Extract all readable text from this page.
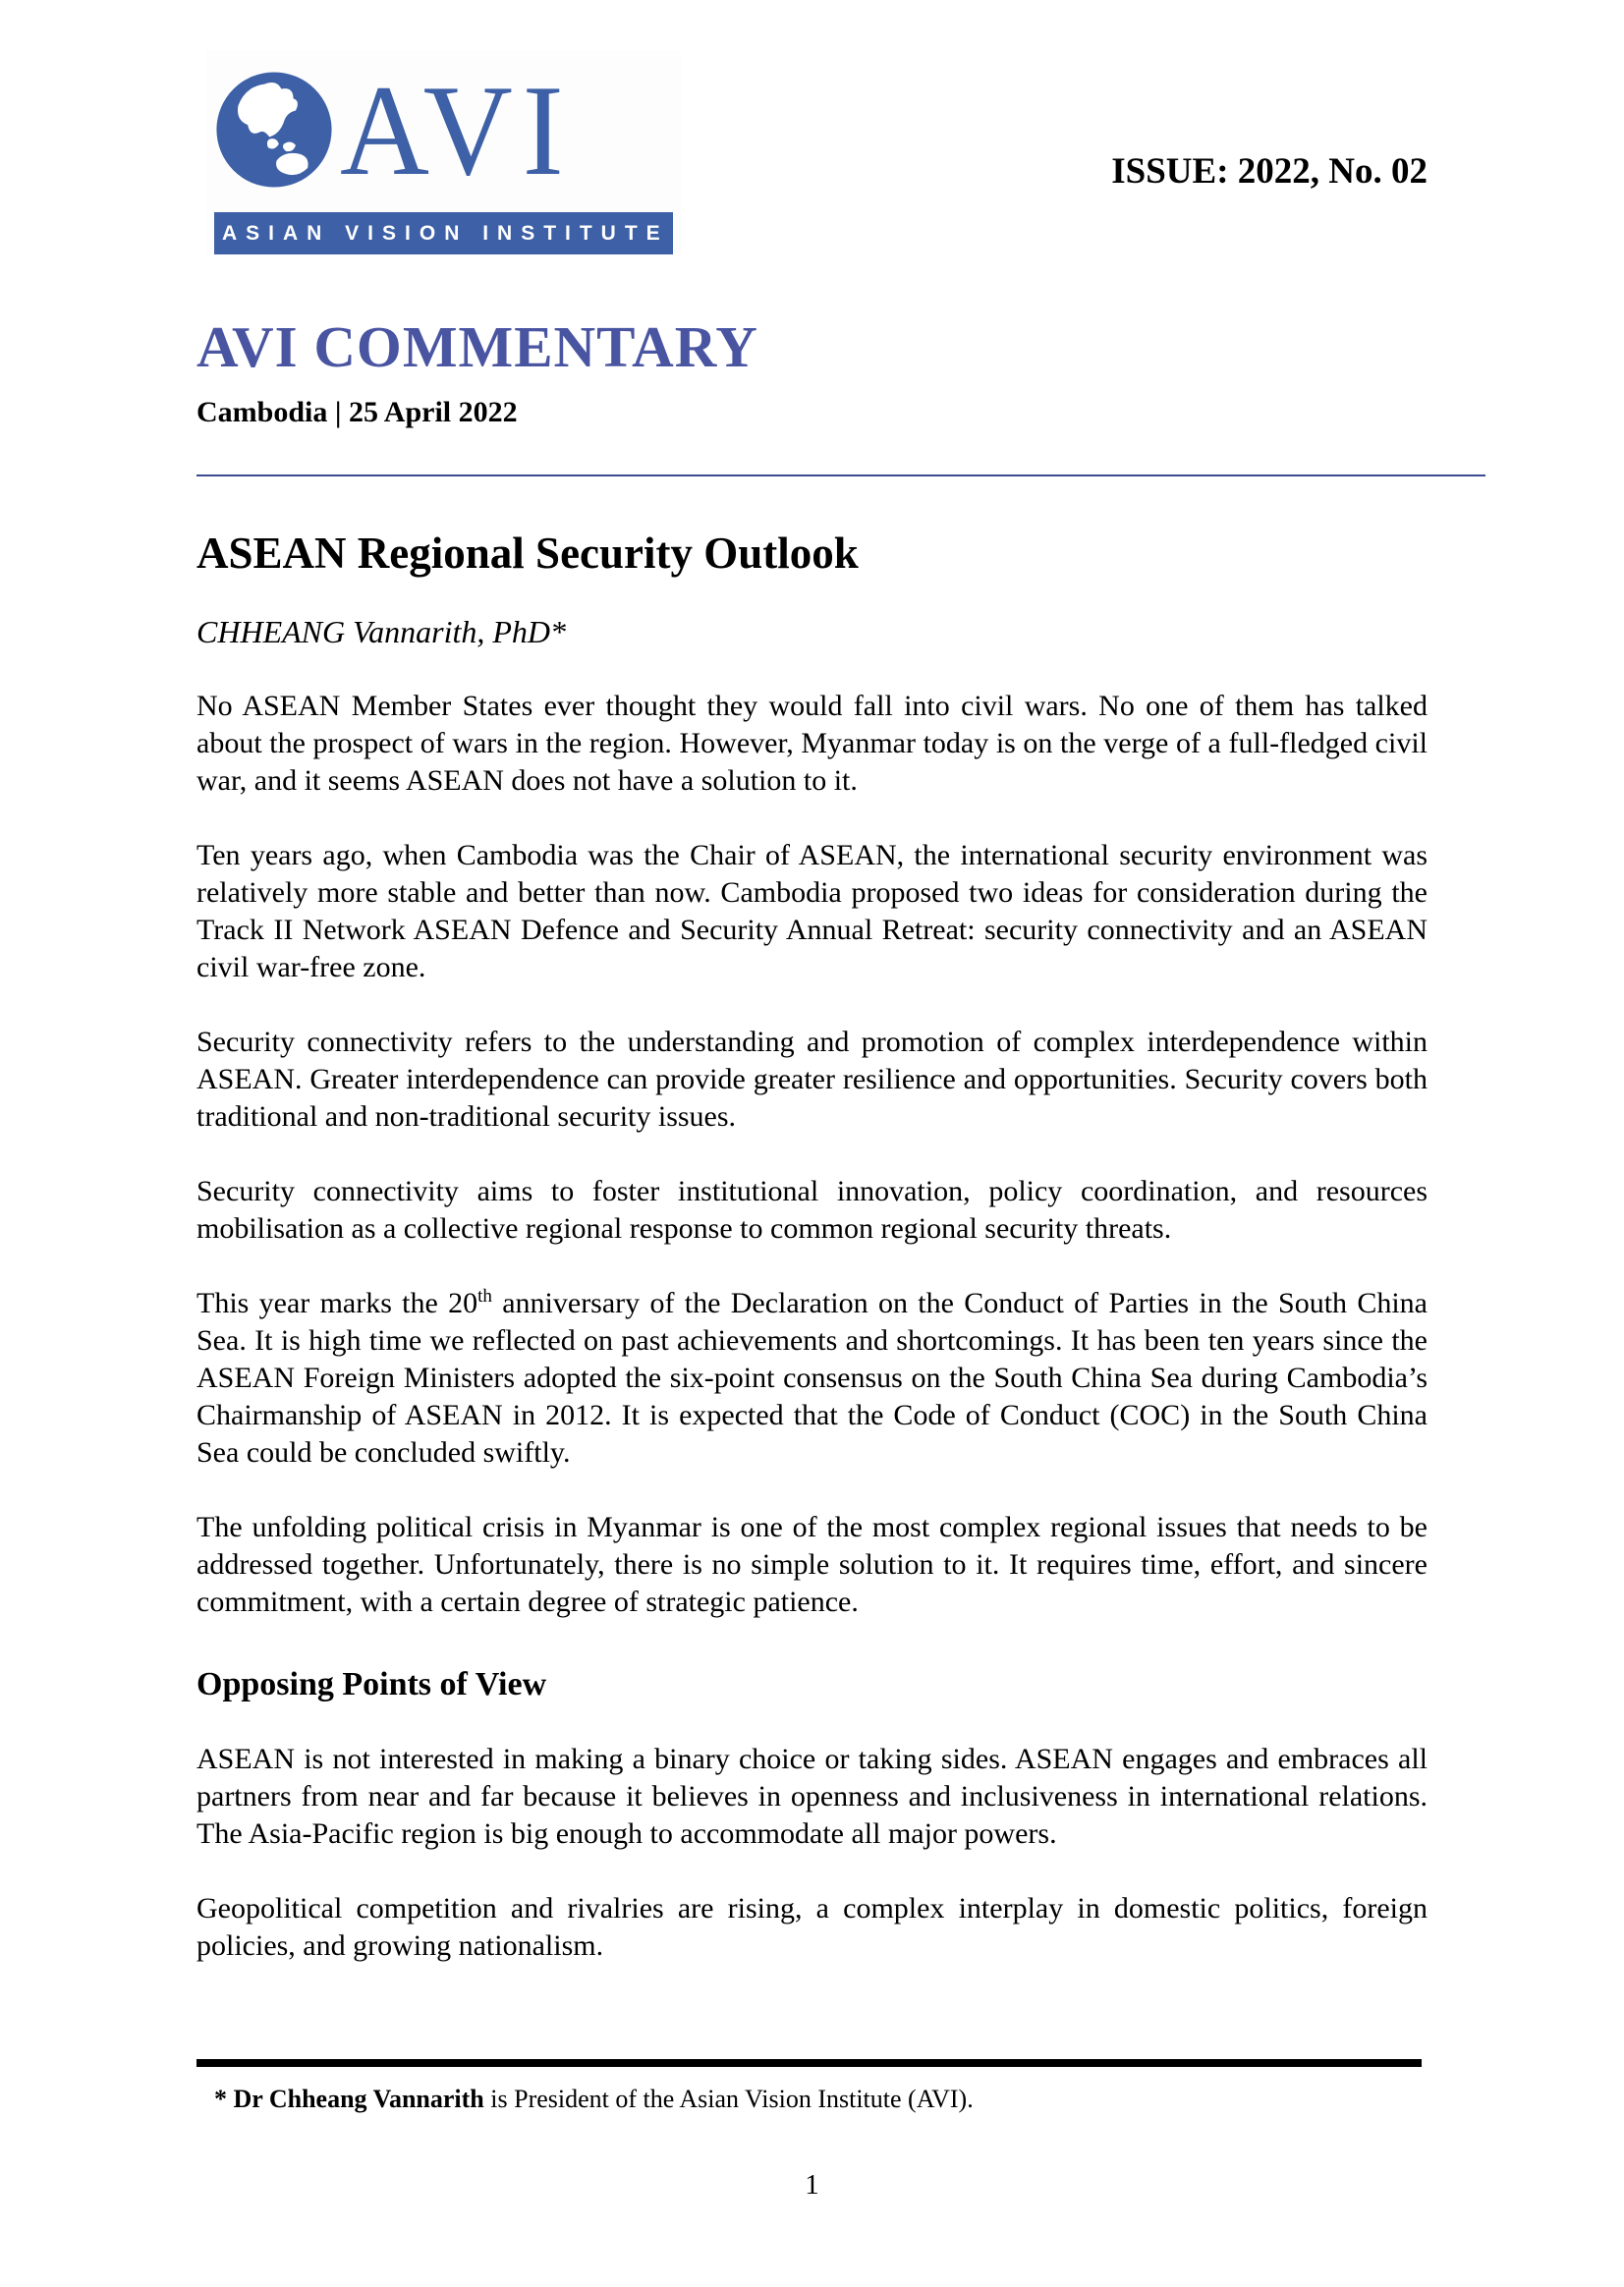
AVI
ASIAN VISION INSTITUTE
ISSUE: 2022, No. 02
AVI COMMENTARY
Cambodia | 25 April 2022
ASEAN Regional Security Outlook
CHHEANG Vannarith, PhD*

No ASEAN Member States ever thought they would fall into civil wars. No one of them has talked about the prospect of wars in the region. However, Myanmar today is on the verge of a full-fledged civil war, and it seems ASEAN does not have a solution to it.

Ten years ago, when Cambodia was the Chair of ASEAN, the international security environment was relatively more stable and better than now. Cambodia proposed two ideas for consideration during the Track II Network ASEAN Defence and Security Annual Retreat: security connectivity and an ASEAN civil war-free zone.

Security connectivity refers to the understanding and promotion of complex interdependence within ASEAN. Greater interdependence can provide greater resilience and opportunities. Security covers both traditional and non-traditional security issues.

Security connectivity aims to foster institutional innovation, policy coordination, and resources mobilisation as a collective regional response to common regional security threats.

This year marks the 20th anniversary of the Declaration on the Conduct of Parties in the South China Sea. It is high time we reflected on past achievements and shortcomings. It has been ten years since the ASEAN Foreign Ministers adopted the six-point consensus on the South China Sea during Cambodia’s Chairmanship of ASEAN in 2012. It is expected that the Code of Conduct (COC) in the South China Sea could be concluded swiftly.

The unfolding political crisis in Myanmar is one of the most complex regional issues that needs to be addressed together. Unfortunately, there is no simple solution to it. It requires time, effort, and sincere commitment, with a certain degree of strategic patience.

Opposing Points of View

ASEAN is not interested in making a binary choice or taking sides. ASEAN engages and embraces all partners from near and far because it believes in openness and inclusiveness in international relations. The Asia-Pacific region is big enough to accommodate all major powers.

Geopolitical competition and rivalries are rising, a complex interplay in domestic politics, foreign policies, and growing nationalism.

* Dr Chheang Vannarith is President of the Asian Vision Institute (AVI).
1
